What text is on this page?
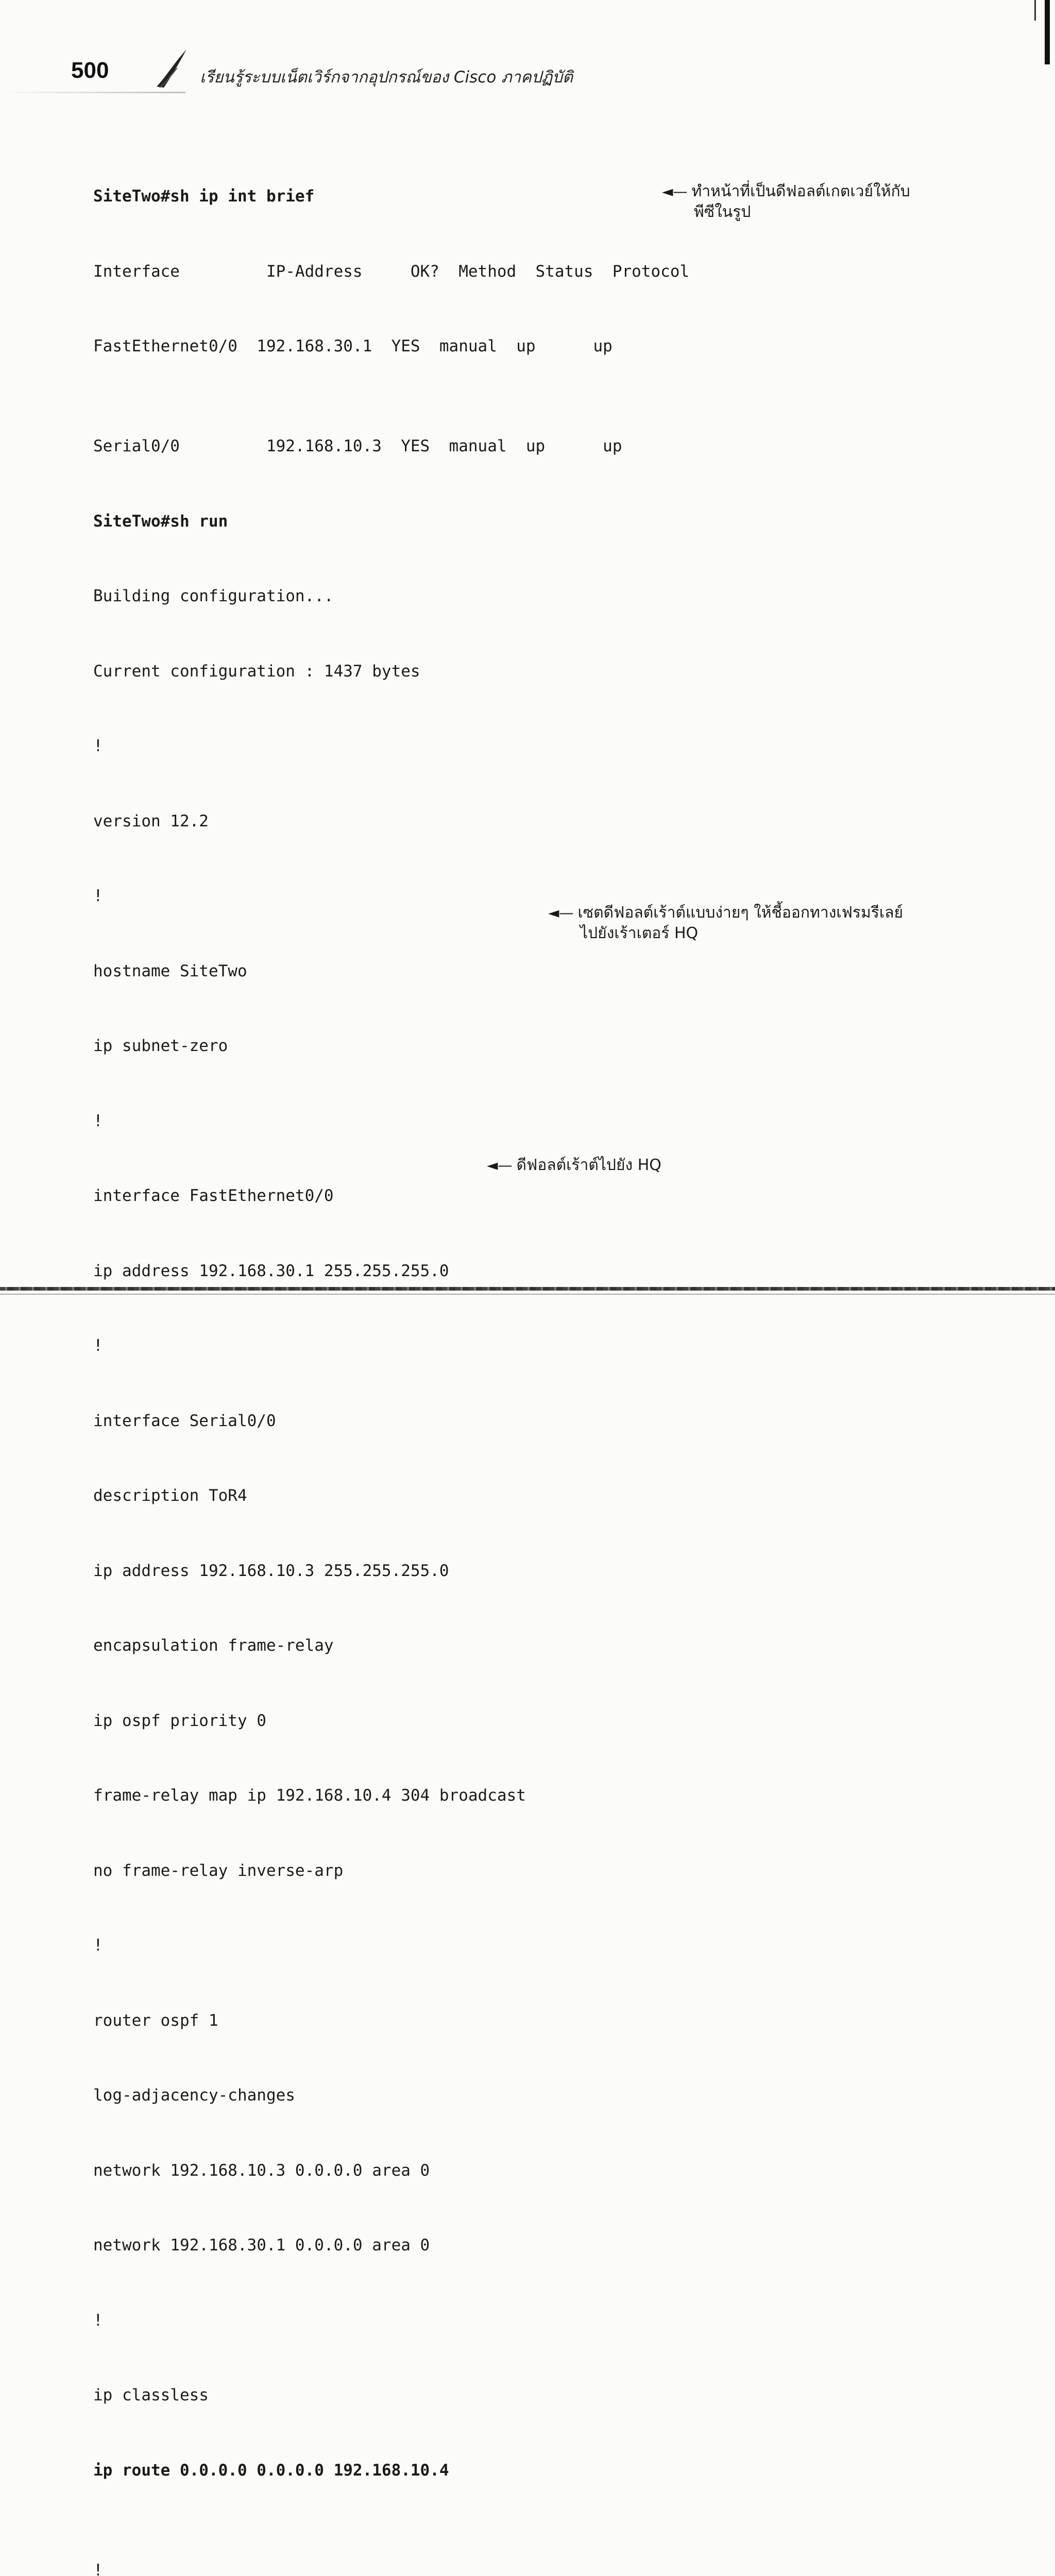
500	เรียนรู้ระบบเน็ตเวิร์กจากอุปกรณ์ของ Cisco ภาคปฏิบัติ

SiteTwo#sh ip int brief

Interface         IP-Address     OK?  Method  Status  Protocol

FastEthernet0/0  192.168.30.1  YES  manual  up      up

Serial0/0         192.168.10.3  YES  manual  up      up

SiteTwo#sh run

Building configuration...

Current configuration : 1437 bytes

!

version 12.2

!

hostname SiteTwo

ip subnet-zero

!

interface FastEthernet0/0

ip address 192.168.30.1 255.255.255.0

!

interface Serial0/0

description ToR4

ip address 192.168.10.3 255.255.255.0

encapsulation frame-relay

ip ospf priority 0

frame-relay map ip 192.168.10.4 304 broadcast

no frame-relay inverse-arp

!

router ospf 1

log-adjacency-changes

network 192.168.10.3 0.0.0.0 area 0

network 192.168.30.1 0.0.0.0 area 0

!

ip classless

ip route 0.0.0.0 0.0.0.0 192.168.10.4

!

◄— ทำหน้าที่เป็นดีฟอลต์เกตเวย์ให้กับ
พีซีในรูป
◄— เซตดีฟอลต์เร้าต์แบบง่ายๆ ให้ชี้ออกทางเฟรมรีเลย์
ไปยังเร้าเตอร์ HQ
◄— ดีฟอลต์เร้าต์ไปยัง HQ
